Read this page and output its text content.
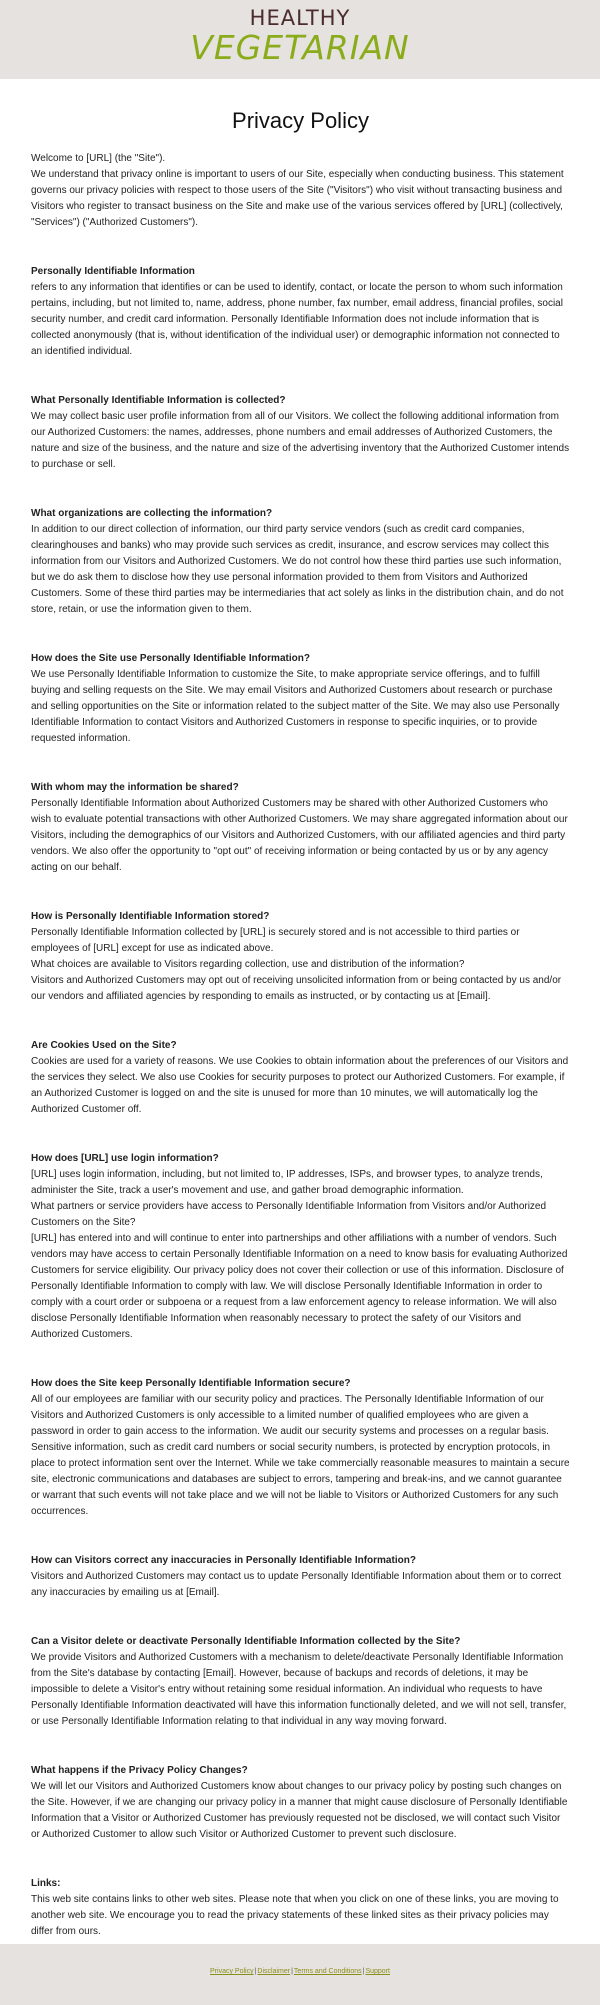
HEALTHY
VEGETARIAN
Privacy Policy

Welcome to [URL] (the "Site").

We understand that privacy online is important to users of our Site, especially when conducting business. This statement governs our privacy policies with respect to those users of the Site ("Visitors") who visit without transacting business and Visitors who register to transact business on the Site and make use of the various services offered by [URL] (collectively, "Services") ("Authorized Customers").

Personally Identifiable Information

refers to any information that identifies or can be used to identify, contact, or locate the person to whom such information pertains, including, but not limited to, name, address, phone number, fax number, email address, financial profiles, social security number, and credit card information. Personally Identifiable Information does not include information that is collected anonymously (that is, without identification of the individual user) or demographic information not connected to an identified individual.

What Personally Identifiable Information is collected?

We may collect basic user profile information from all of our Visitors. We collect the following additional information from our Authorized Customers: the names, addresses, phone numbers and email addresses of Authorized Customers, the nature and size of the business, and the nature and size of the advertising inventory that the Authorized Customer intends to purchase or sell.

What organizations are collecting the information?

In addition to our direct collection of information, our third party service vendors (such as credit card companies, clearinghouses and banks) who may provide such services as credit, insurance, and escrow services may collect this information from our Visitors and Authorized Customers. We do not control how these third parties use such information, but we do ask them to disclose how they use personal information provided to them from Visitors and Authorized Customers. Some of these third parties may be intermediaries that act solely as links in the distribution chain, and do not store, retain, or use the information given to them.

How does the Site use Personally Identifiable Information?

We use Personally Identifiable Information to customize the Site, to make appropriate service offerings, and to fulfill buying and selling requests on the Site. We may email Visitors and Authorized Customers about research or purchase and selling opportunities on the Site or information related to the subject matter of the Site. We may also use Personally Identifiable Information to contact Visitors and Authorized Customers in response to specific inquiries, or to provide requested information.

With whom may the information be shared?

Personally Identifiable Information about Authorized Customers may be shared with other Authorized Customers who wish to evaluate potential transactions with other Authorized Customers. We may share aggregated information about our Visitors, including the demographics of our Visitors and Authorized Customers, with our affiliated agencies and third party vendors. We also offer the opportunity to "opt out" of receiving information or being contacted by us or by any agency acting on our behalf.

How is Personally Identifiable Information stored?

Personally Identifiable Information collected by [URL] is securely stored and is not accessible to third parties or employees of [URL] except for use as indicated above.

What choices are available to Visitors regarding collection, use and distribution of the information?

Visitors and Authorized Customers may opt out of receiving unsolicited information from or being contacted by us and/or our vendors and affiliated agencies by responding to emails as instructed, or by contacting us at [Email].

Are Cookies Used on the Site?

Cookies are used for a variety of reasons. We use Cookies to obtain information about the preferences of our Visitors and the services they select. We also use Cookies for security purposes to protect our Authorized Customers. For example, if an Authorized Customer is logged on and the site is unused for more than 10 minutes, we will automatically log the Authorized Customer off.

How does [URL] use login information?

[URL] uses login information, including, but not limited to, IP addresses, ISPs, and browser types, to analyze trends, administer the Site, track a user's movement and use, and gather broad demographic information.

What partners or service providers have access to Personally Identifiable Information from Visitors and/or Authorized Customers on the Site?

[URL] has entered into and will continue to enter into partnerships and other affiliations with a number of vendors. Such vendors may have access to certain Personally Identifiable Information on a need to know basis for evaluating Authorized Customers for service eligibility. Our privacy policy does not cover their collection or use of this information. Disclosure of Personally Identifiable Information to comply with law. We will disclose Personally Identifiable Information in order to comply with a court order or subpoena or a request from a law enforcement agency to release information. We will also disclose Personally Identifiable Information when reasonably necessary to protect the safety of our Visitors and Authorized Customers.

How does the Site keep Personally Identifiable Information secure?

All of our employees are familiar with our security policy and practices. The Personally Identifiable Information of our Visitors and Authorized Customers is only accessible to a limited number of qualified employees who are given a password in order to gain access to the information. We audit our security systems and processes on a regular basis. Sensitive information, such as credit card numbers or social security numbers, is protected by encryption protocols, in place to protect information sent over the Internet. While we take commercially reasonable measures to maintain a secure site, electronic communications and databases are subject to errors, tampering and break-ins, and we cannot guarantee or warrant that such events will not take place and we will not be liable to Visitors or Authorized Customers for any such occurrences.

How can Visitors correct any inaccuracies in Personally Identifiable Information?

Visitors and Authorized Customers may contact us to update Personally Identifiable Information about them or to correct any inaccuracies by emailing us at [Email].

Can a Visitor delete or deactivate Personally Identifiable Information collected by the Site?

We provide Visitors and Authorized Customers with a mechanism to delete/deactivate Personally Identifiable Information from the Site's database by contacting [Email]. However, because of backups and records of deletions, it may be impossible to delete a Visitor's entry without retaining some residual information. An individual who requests to have Personally Identifiable Information deactivated will have this information functionally deleted, and we will not sell, transfer, or use Personally Identifiable Information relating to that individual in any way moving forward.

What happens if the Privacy Policy Changes?

We will let our Visitors and Authorized Customers know about changes to our privacy policy by posting such changes on the Site. However, if we are changing our privacy policy in a manner that might cause disclosure of Personally Identifiable Information that a Visitor or Authorized Customer has previously requested not be disclosed, we will contact such Visitor or Authorized Customer to allow such Visitor or Authorized Customer to prevent such disclosure.

Links:

This web site contains links to other web sites. Please note that when you click on one of these links, you are moving to another web site. We encourage you to read the privacy statements of these linked sites as their privacy policies may differ from ours.

Privacy Policy|Disclaimer|Terms and Conditions|Support
